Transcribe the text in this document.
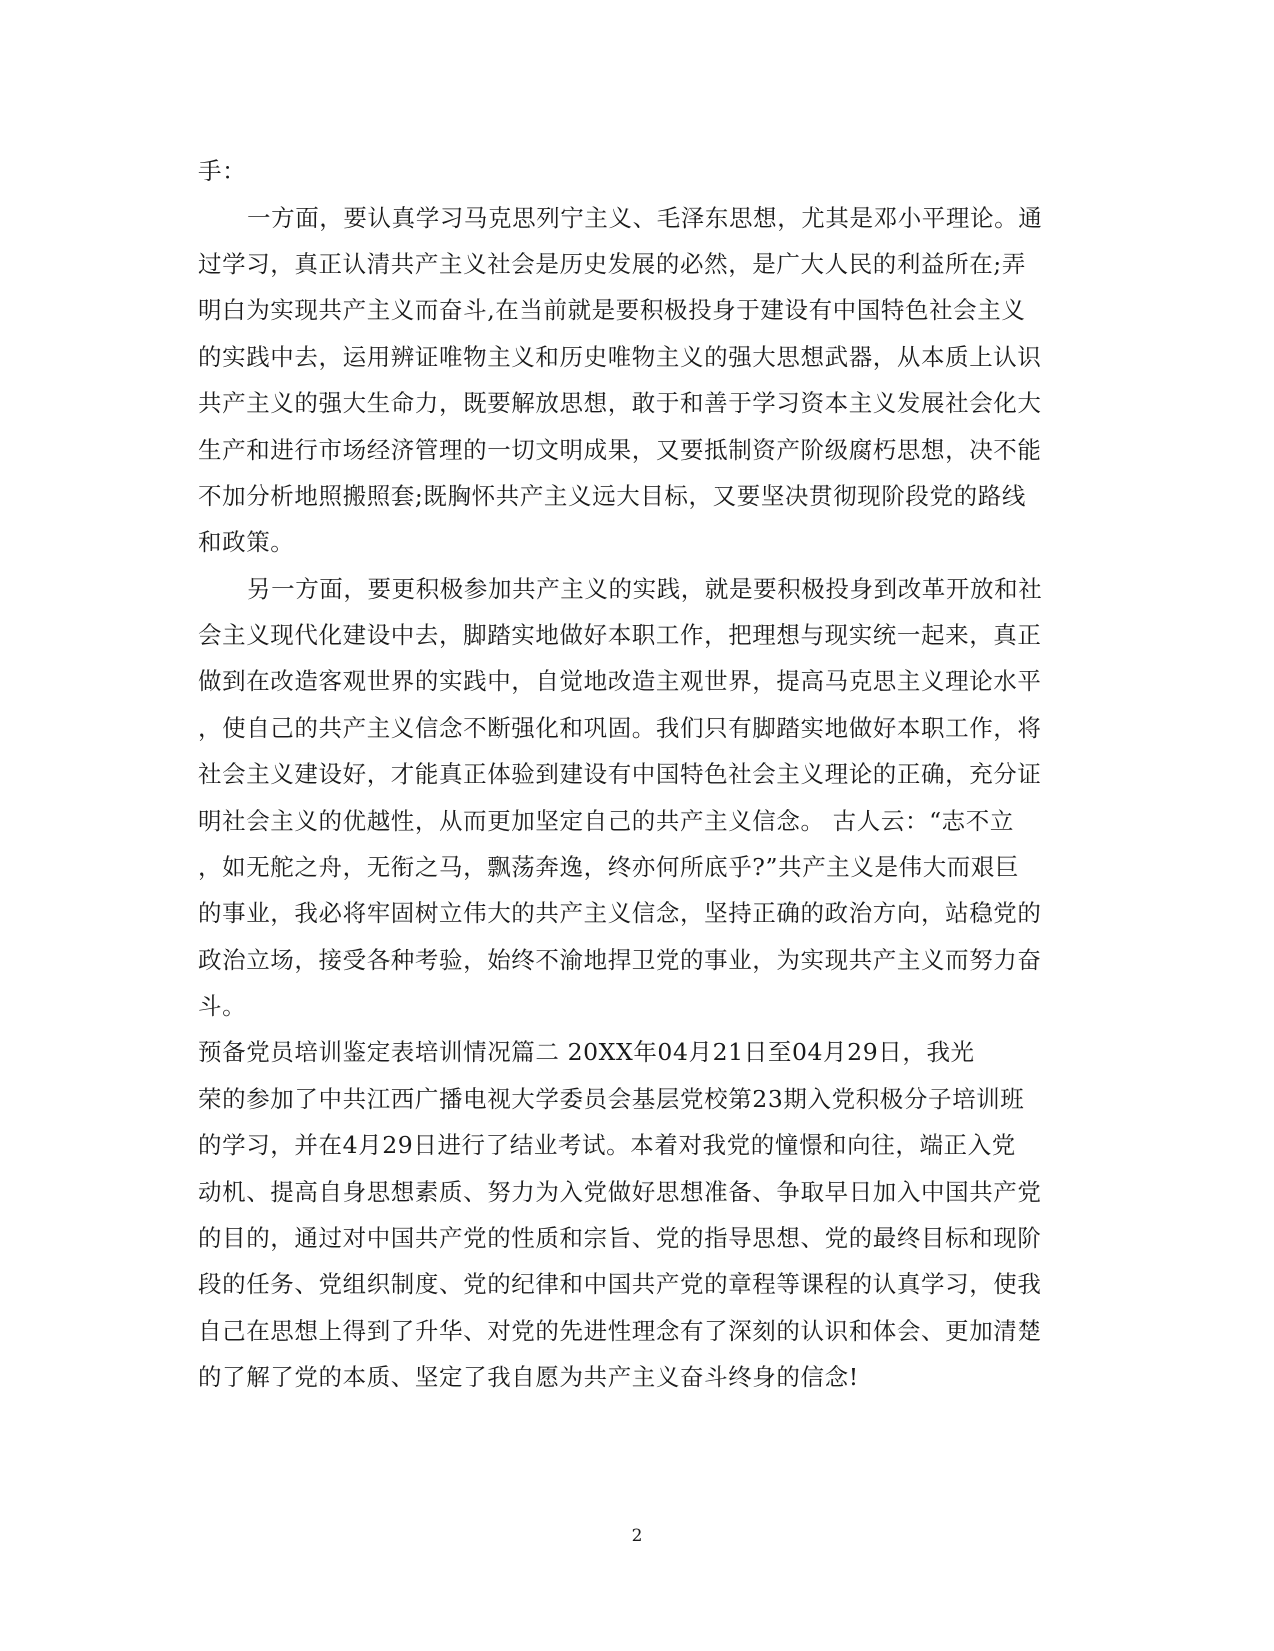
手：
一方面，要认真学习马克思列宁主义、毛泽东思想，尤其是邓小平理论。通
过学习，真正认清共产主义社会是历史发展的必然，是广大人民的利益所在;弄
明白为实现共产主义而奋斗,在当前就是要积极投身于建设有中国特色社会主义
的实践中去，运用辨证唯物主义和历史唯物主义的强大思想武器，从本质上认识
共产主义的强大生命力，既要解放思想，敢于和善于学习资本主义发展社会化大
生产和进行市场经济管理的一切文明成果，又要抵制资产阶级腐朽思想，决不能
不加分析地照搬照套;既胸怀共产主义远大目标，又要坚决贯彻现阶段党的路线
和政策。
另一方面，要更积极参加共产主义的实践，就是要积极投身到改革开放和社
会主义现代化建设中去，脚踏实地做好本职工作，把理想与现实统一起来，真正
做到在改造客观世界的实践中，自觉地改造主观世界，提高马克思主义理论水平
，使自己的共产主义信念不断强化和巩固。我们只有脚踏实地做好本职工作，将
社会主义建设好，才能真正体验到建设有中国特色社会主义理论的正确，充分证
明社会主义的优越性，从而更加坚定自己的共产主义信念。 古人云：“志不立
，如无舵之舟，无衔之马，飘荡奔逸，终亦何所底乎?”共产主义是伟大而艰巨
的事业，我必将牢固树立伟大的共产主义信念，坚持正确的政治方向，站稳党的
政治立场，接受各种考验，始终不渝地捍卫党的事业，为实现共产主义而努力奋
斗。
预备党员培训鉴定表培训情况篇二 20XX年04月21日至04月29日，我光
荣的参加了中共江西广播电视大学委员会基层党校第23期入党积极分子培训班
的学习，并在4月29日进行了结业考试。本着对我党的憧憬和向往，端正入党
动机、提高自身思想素质、努力为入党做好思想准备、争取早日加入中国共产党
的目的，通过对中国共产党的性质和宗旨、党的指导思想、党的最终目标和现阶
段的任务、党组织制度、党的纪律和中国共产党的章程等课程的认真学习，使我
自己在思想上得到了升华、对党的先进性理念有了深刻的认识和体会、更加清楚
的了解了党的本质、坚定了我自愿为共产主义奋斗终身的信念!
2
